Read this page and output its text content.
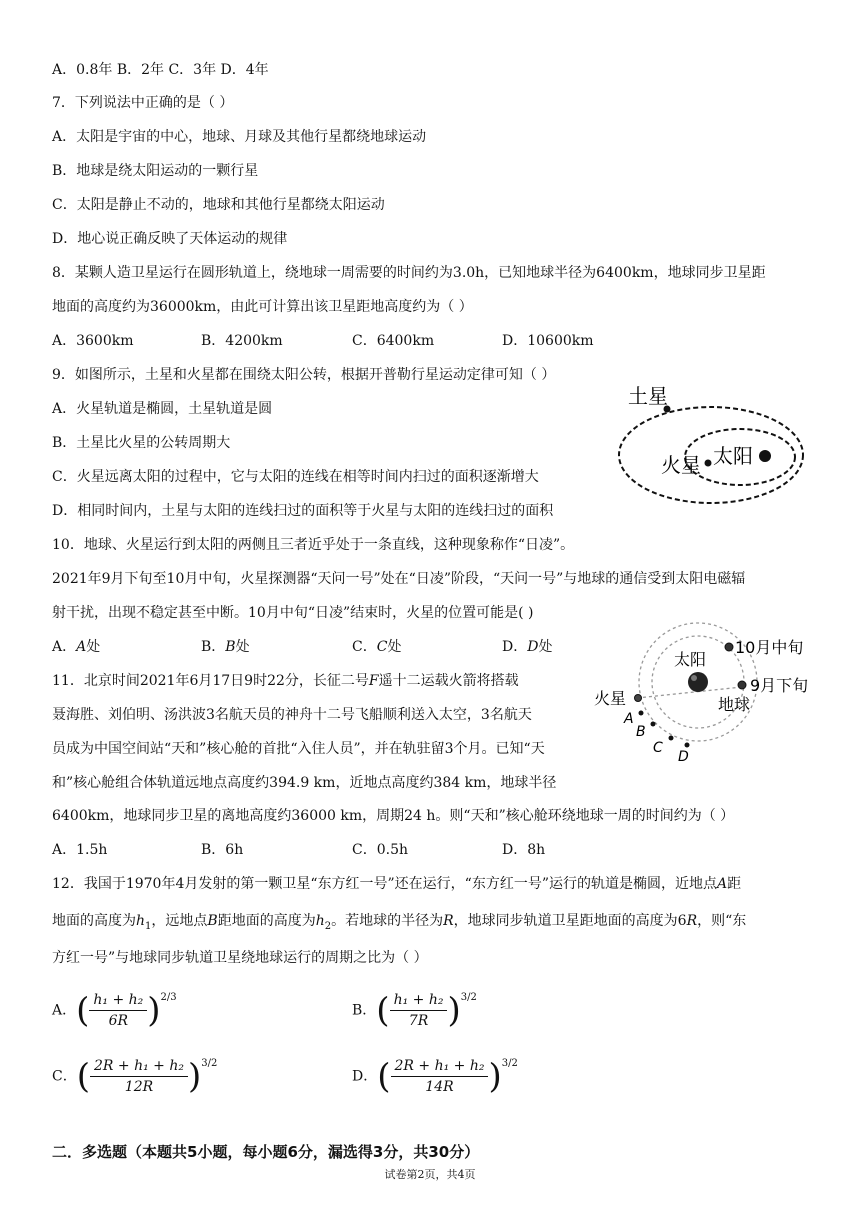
A．0.8年 B．2年 C．3年 D．4年
7．下列说法中正确的是（ ）
A．太阳是宇宙的中心，地球、月球及其他行星都绕地球运动
B．地球是绕太阳运动的一颗行星
C．太阳是静止不动的，地球和其他行星都绕太阳运动
D．地心说正确反映了天体运动的规律
8．某颗人造卫星运行在圆形轨道上，绕地球一周需要的时间约为3.0h，已知地球半径为6400km，地球同步卫星距
地面的高度约为36000km，由此可计算出该卫星距地高度约为（ ）
A．3600km	B．4200km	C．6400km	D．10600km
9．如图所示，土星和火星都在围绕太阳公转，根据开普勒行星运动定律可知（ ）
A．火星轨道是椭圆，土星轨道是圆
B．土星比火星的公转周期大
C．火星远离太阳的过程中，它与太阳的连线在相等时间内扫过的面积逐渐增大
D．相同时间内，土星与太阳的连线扫过的面积等于火星与太阳的连线扫过的面积
土星
火星 太阳
10．地球、火星运行到太阳的两侧且三者近乎处于一条直线，这种现象称作“日凌”。
2021年9月下旬至10月中旬，火星探测器“天问一号”处在“日凌”阶段，“天问一号”与地球的通信受到太阳电磁辐
射干扰，出现不稳定甚至中断。10月中旬“日凌”结束时，火星的位置可能是( )
A．A处	B．B处	C．C处	D．D处
太阳
10月中旬
9月下旬
地球
火星
A
B
C
D
11．北京时间2021年6月17日9时22分，长征二号F遥十二运载火箭将搭载
聂海胜、刘伯明、汤洪波3名航天员的神舟十二号飞船顺利送入太空，3名航天
员成为中国空间站“天和”核心舱的首批“入住人员”，并在轨驻留3个月。已知“天
和”核心舱组合体轨道远地点高度约394.9 km，近地点高度约384 km，地球半径
6400km，地球同步卫星的离地高度约36000 km，周期24 h。则“天和”核心舱环绕地球一周的时间约为（ ）
A．1.5h	B．6h	C．0.5h	D．8h
12．我国于1970年4月发射的第一颗卫星“东方红一号”还在运行，“东方红一号”运行的轨道是椭圆，近地点A距
地面的高度为$h_1$，远地点B距地面的高度为$h_2$。若地球的半径为R，地球同步轨道卫星距地面的高度为6R，则“东
方红一号”与地球同步轨道卫星绕地球运行的周期之比为（ ）
A．( $\frac{\text{h₁ + h₂}}{6R} )^{2/3}$
B．( $\frac{\text{h₁ + h₂}}{7R} )^{3/2}$
C．( $\frac{\text{2R + h₁ + h₂}}{12R} )^{3/2}$
D．( $\frac{\text{2R + h₁ + h₂}}{14R} )^{3/2}$
二．多选题（本题共5小题，每小题6分，漏选得3分，共30分）
试卷第2页，共4页
